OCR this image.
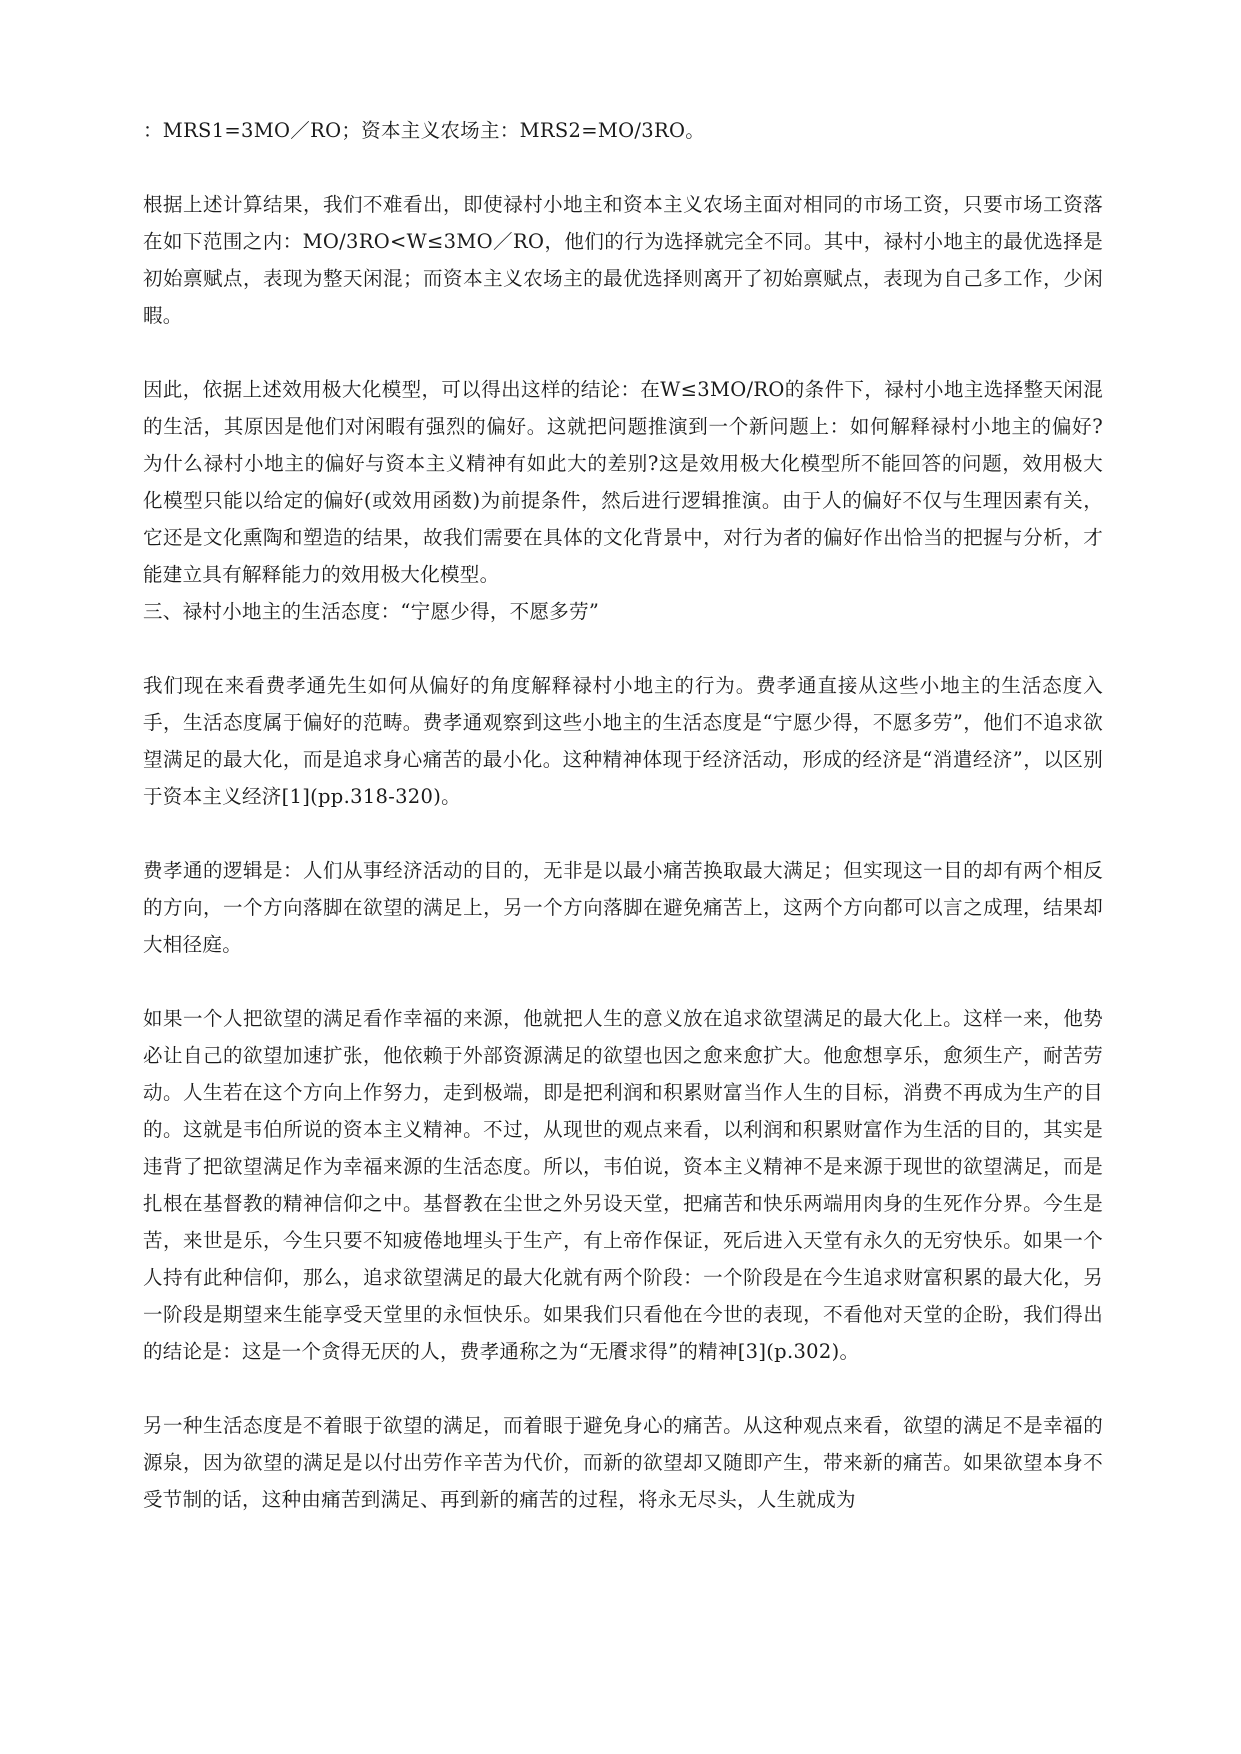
：MRS1=3MO／RO；资本主义农场主：MRS2=MO/3RO。

根据上述计算结果，我们不难看出，即使禄村小地主和资本主义农场主面对相同的市场工资，只要市场工资落在如下范围之内：MO/3RO<W≤3MO／RO，他们的行为选择就完全不同。其中，禄村小地主的最优选择是初始禀赋点，表现为整天闲混；而资本主义农场主的最优选择则离开了初始禀赋点，表现为自己多工作，少闲暇。

因此，依据上述效用极大化模型，可以得出这样的结论：在W≤3MO/RO的条件下，禄村小地主选择整天闲混的生活，其原因是他们对闲暇有强烈的偏好。这就把问题推演到一个新问题上：如何解释禄村小地主的偏好?为什么禄村小地主的偏好与资本主义精神有如此大的差别?这是效用极大化模型所不能回答的问题，效用极大化模型只能以给定的偏好(或效用函数)为前提条件，然后进行逻辑推演。由于人的偏好不仅与生理因素有关，它还是文化熏陶和塑造的结果，故我们需要在具体的文化背景中，对行为者的偏好作出恰当的把握与分析，才能建立具有解释能力的效用极大化模型。

三、禄村小地主的生活态度：“宁愿少得，不愿多劳”

我们现在来看费孝通先生如何从偏好的角度解释禄村小地主的行为。费孝通直接从这些小地主的生活态度入手，生活态度属于偏好的范畴。费孝通观察到这些小地主的生活态度是“宁愿少得，不愿多劳”，他们不追求欲望满足的最大化，而是追求身心痛苦的最小化。这种精神体现于经济活动，形成的经济是“消遣经济”，以区别于资本主义经济[1](pp.318-320)。

费孝通的逻辑是：人们从事经济活动的目的，无非是以最小痛苦换取最大满足；但实现这一目的却有两个相反的方向，一个方向落脚在欲望的满足上，另一个方向落脚在避免痛苦上，这两个方向都可以言之成理，结果却大相径庭。

如果一个人把欲望的满足看作幸福的来源，他就把人生的意义放在追求欲望满足的最大化上。这样一来，他势必让自己的欲望加速扩张，他依赖于外部资源满足的欲望也因之愈来愈扩大。他愈想享乐，愈须生产，耐苦劳动。人生若在这个方向上作努力，走到极端，即是把利润和积累财富当作人生的目标，消费不再成为生产的目的。这就是韦伯所说的资本主义精神。不过，从现世的观点来看，以利润和积累财富作为生活的目的，其实是违背了把欲望满足作为幸福来源的生活态度。所以，韦伯说，资本主义精神不是来源于现世的欲望满足，而是扎根在基督教的精神信仰之中。基督教在尘世之外另设天堂，把痛苦和快乐两端用肉身的生死作分界。今生是苦，来世是乐，今生只要不知疲倦地埋头于生产，有上帝作保证，死后进入天堂有永久的无穷快乐。如果一个人持有此种信仰，那么，追求欲望满足的最大化就有两个阶段：一个阶段是在今生追求财富积累的最大化，另一阶段是期望来生能享受天堂里的永恒快乐。如果我们只看他在今世的表现，不看他对天堂的企盼，我们得出的结论是：这是一个贪得无厌的人，费孝通称之为“无餍求得”的精神[3](p.302)。

另一种生活态度是不着眼于欲望的满足，而着眼于避免身心的痛苦。从这种观点来看，欲望的满足不是幸福的源泉，因为欲望的满足是以付出劳作辛苦为代价，而新的欲望却又随即产生，带来新的痛苦。如果欲望本身不受节制的话，这种由痛苦到满足、再到新的痛苦的过程，将永无尽头，人生就成为
